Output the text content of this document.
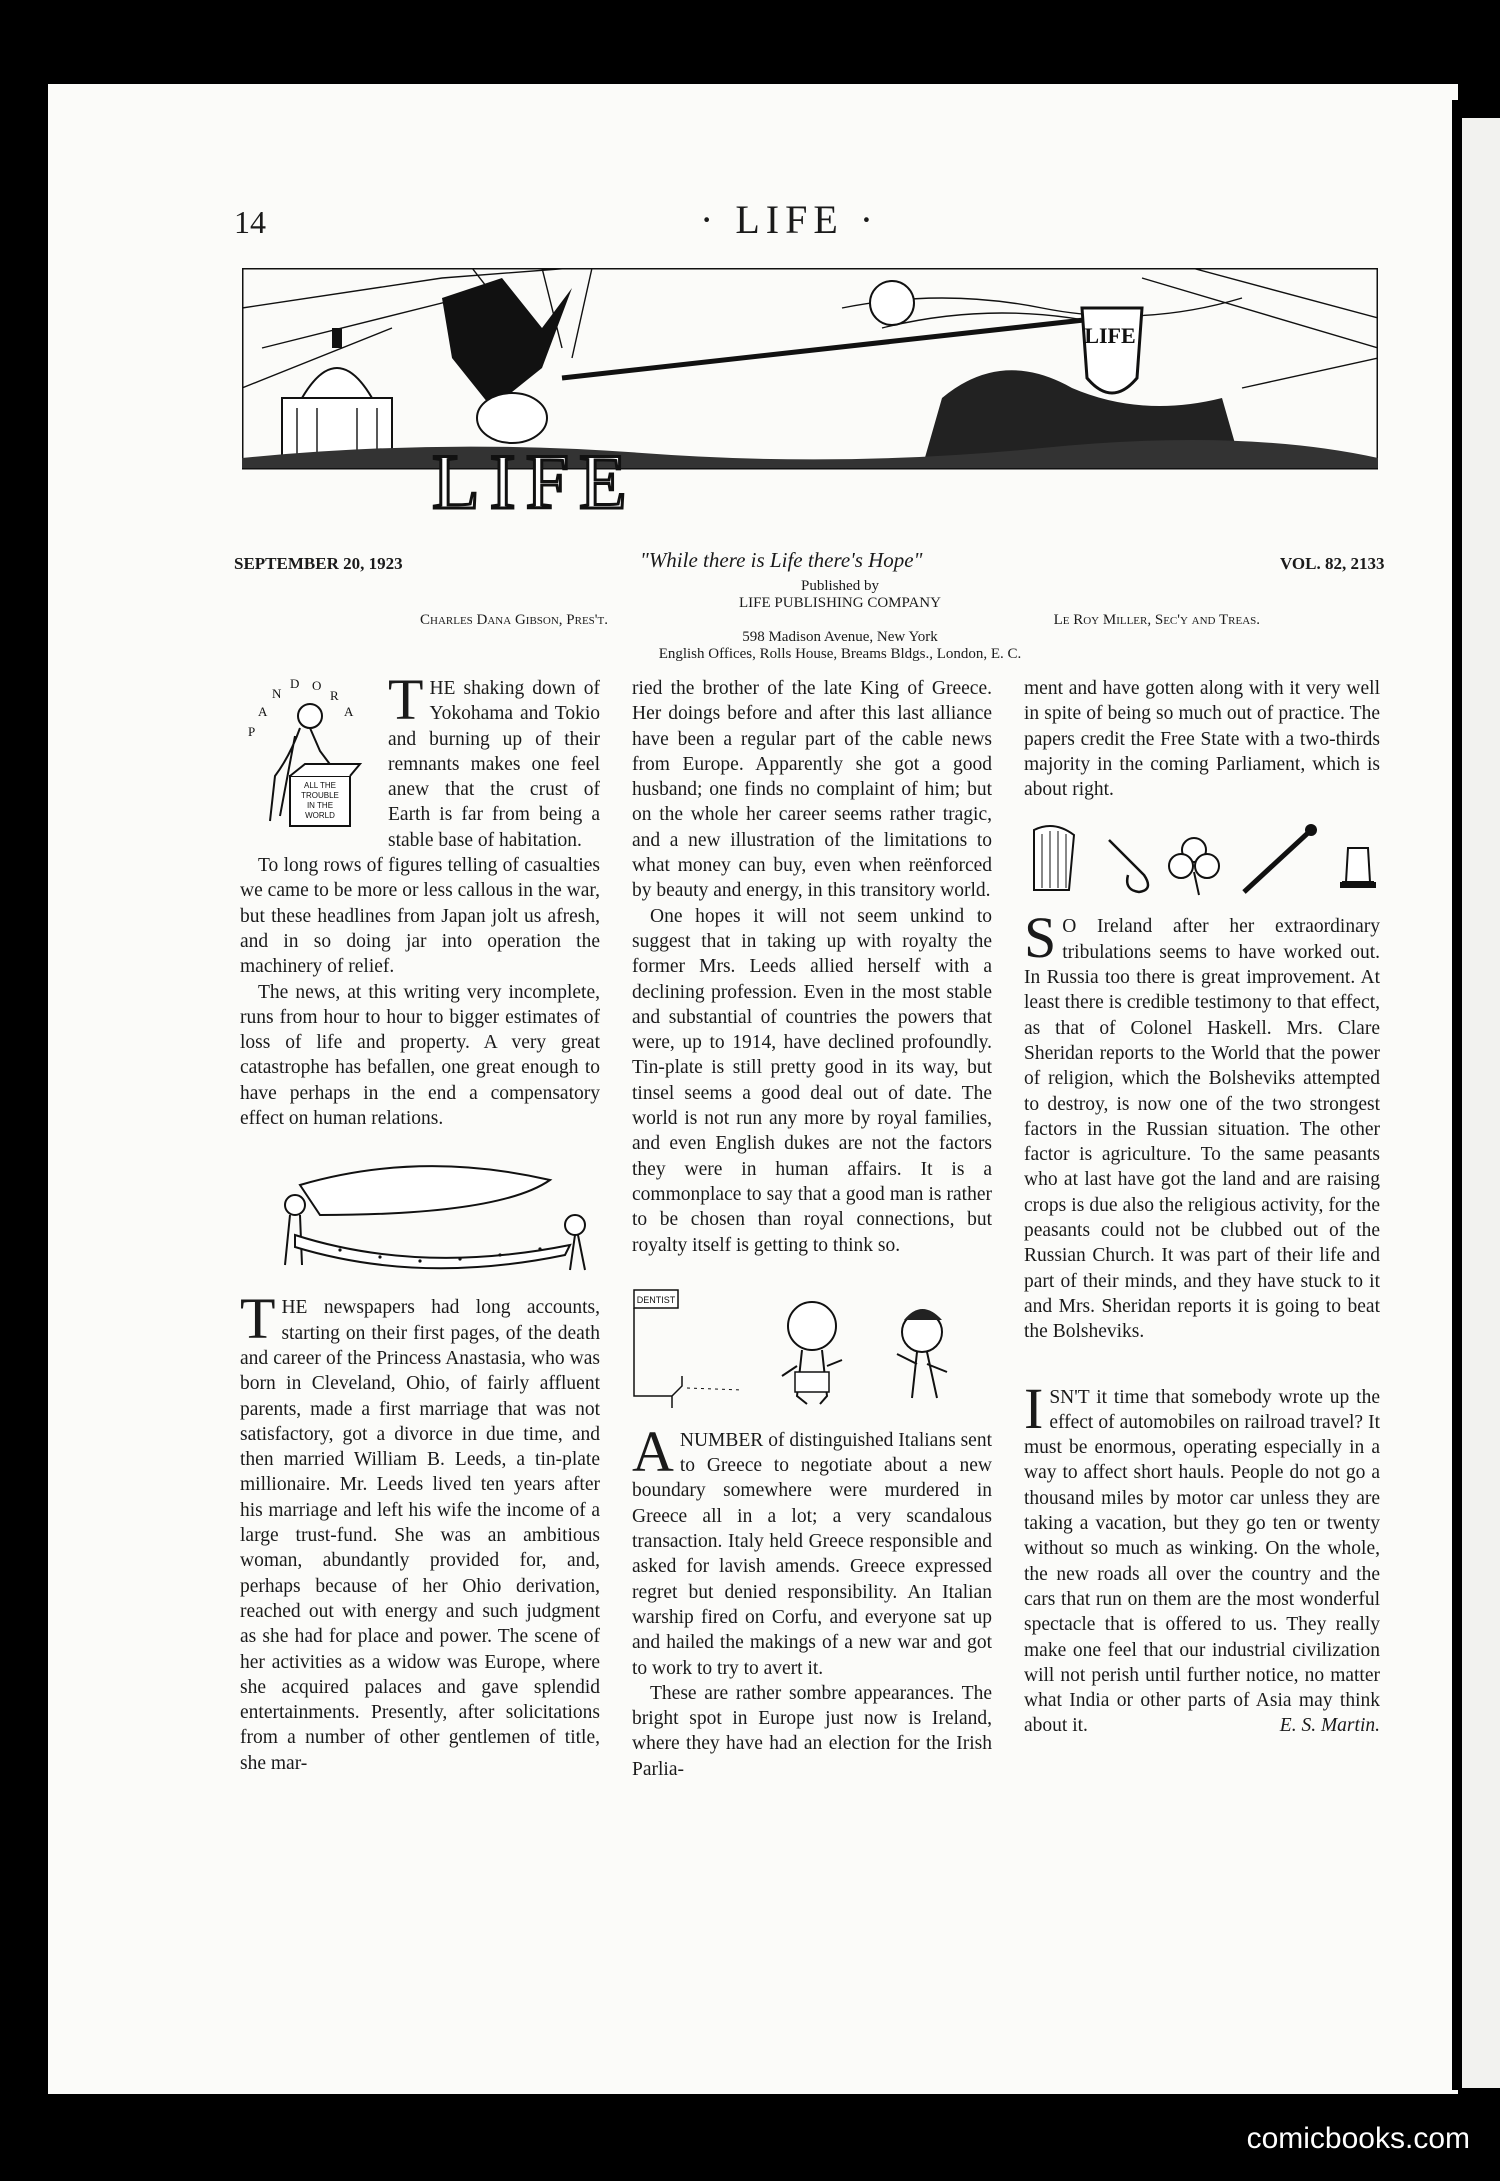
14	· LIFE ·
LIFE
LIFE
SEPTEMBER 20, 1923	"While there is Life there's Hope"	VOL. 82, 2133
Published by
LIFE PUBLISHING COMPANY
Charles Dana Gibson, Pres't.	Le Roy Miller, Sec'y and Treas.
598 Madison Avenue, New York
English Offices, Rolls House, Breams Bldgs., London, E. C.
P
A
N
D O
R
A
ALL THE
TROUBLE
IN THE
WORLD

THE shaking down of Yokohama and Tokio and burning up of their remnants makes one feel anew that the crust of Earth is far from being a stable base of habitation.

To long rows of figures telling of casualties we came to be more or less callous in the war, but these headlines from Japan jolt us afresh, and in so doing jar into operation the machinery of relief.

The news, at this writing very incomplete, runs from hour to hour to bigger estimates of loss of life and property. A very great catastrophe has befallen, one great enough to have perhaps in the end a compensatory effect on human relations.

THE newspapers had long accounts, starting on their first pages, of the death and career of the Princess Anastasia, who was born in Cleveland, Ohio, of fairly affluent parents, made a first marriage that was not satisfactory, got a divorce in due time, and then married William B. Leeds, a tin-plate millionaire. Mr. Leeds lived ten years after his marriage and left his wife the income of a large trust-fund. She was an ambitious woman, abundantly provided for, and, perhaps because of her Ohio derivation, reached out with energy and such judgment as she had for place and power. The scene of her activities as a widow was Europe, where she acquired palaces and gave splendid entertainments. Presently, after solicitations from a number of other gentlemen of title, she mar-

ried the brother of the late King of Greece. Her doings before and after this last alliance have been a regular part of the cable news from Europe. Apparently she got a good husband; one finds no complaint of him; but on the whole her career seems rather tragic, and a new illustration of the limitations to what money can buy, even when reënforced by beauty and energy, in this transitory world.

One hopes it will not seem unkind to suggest that in taking up with royalty the former Mrs. Leeds allied herself with a declining profession. Even in the most stable and substantial of countries the powers that were, up to 1914, have declined profoundly. Tin-plate is still pretty good in its way, but tinsel seems a good deal out of date. The world is not run any more by royal families, and even English dukes are not the factors they were in human affairs. It is a commonplace to say that a good man is rather to be chosen than royal connections, but royalty itself is getting to think so.

DENTIST

ANUMBER of distinguished Italians sent to Greece to negotiate about a new boundary somewhere were murdered in Greece all in a lot; a very scandalous transaction. Italy held Greece responsible and asked for lavish amends. Greece expressed regret but denied responsibility. An Italian warship fired on Corfu, and everyone sat up and hailed the makings of a new war and got to work to try to avert it.

These are rather sombre appearances. The bright spot in Europe just now is Ireland, where they have had an election for the Irish Parlia-

ment and have gotten along with it very well in spite of being so much out of practice. The papers credit the Free State with a two-thirds majority in the coming Parliament, which is about right.

S O Ireland after her extraordinary tribulations seems to have worked out. In Russia too there is great improvement. At least there is credible testimony to that effect, as that of Colonel Haskell. Mrs. Clare Sheridan reports to the World that the power of religion, which the Bolsheviks attempted to destroy, is now one of the two strongest factors in the Russian situation. The other factor is agriculture. To the same peasants who at last have got the land and are raising crops is due also the religious activity, for the peasants could not be clubbed out of the Russian Church. It was part of their life and part of their minds, and they have stuck to it and Mrs. Sheridan reports it is going to beat the Bolsheviks.

ISN'T it time that somebody wrote up the effect of automobiles on railroad travel? It must be enormous, operating especially in a way to affect short hauls. People do not go a thousand miles by motor car unless they are taking a vacation, but they go ten or twenty without so much as winking. On the whole, the new roads all over the country and the cars that run on them are the most wonderful spectacle that is offered to us. They really make one feel that our industrial civilization will not perish until further notice, no matter what India or other parts of Asia may think about it.	E. S. Martin.

comicbooks.com
